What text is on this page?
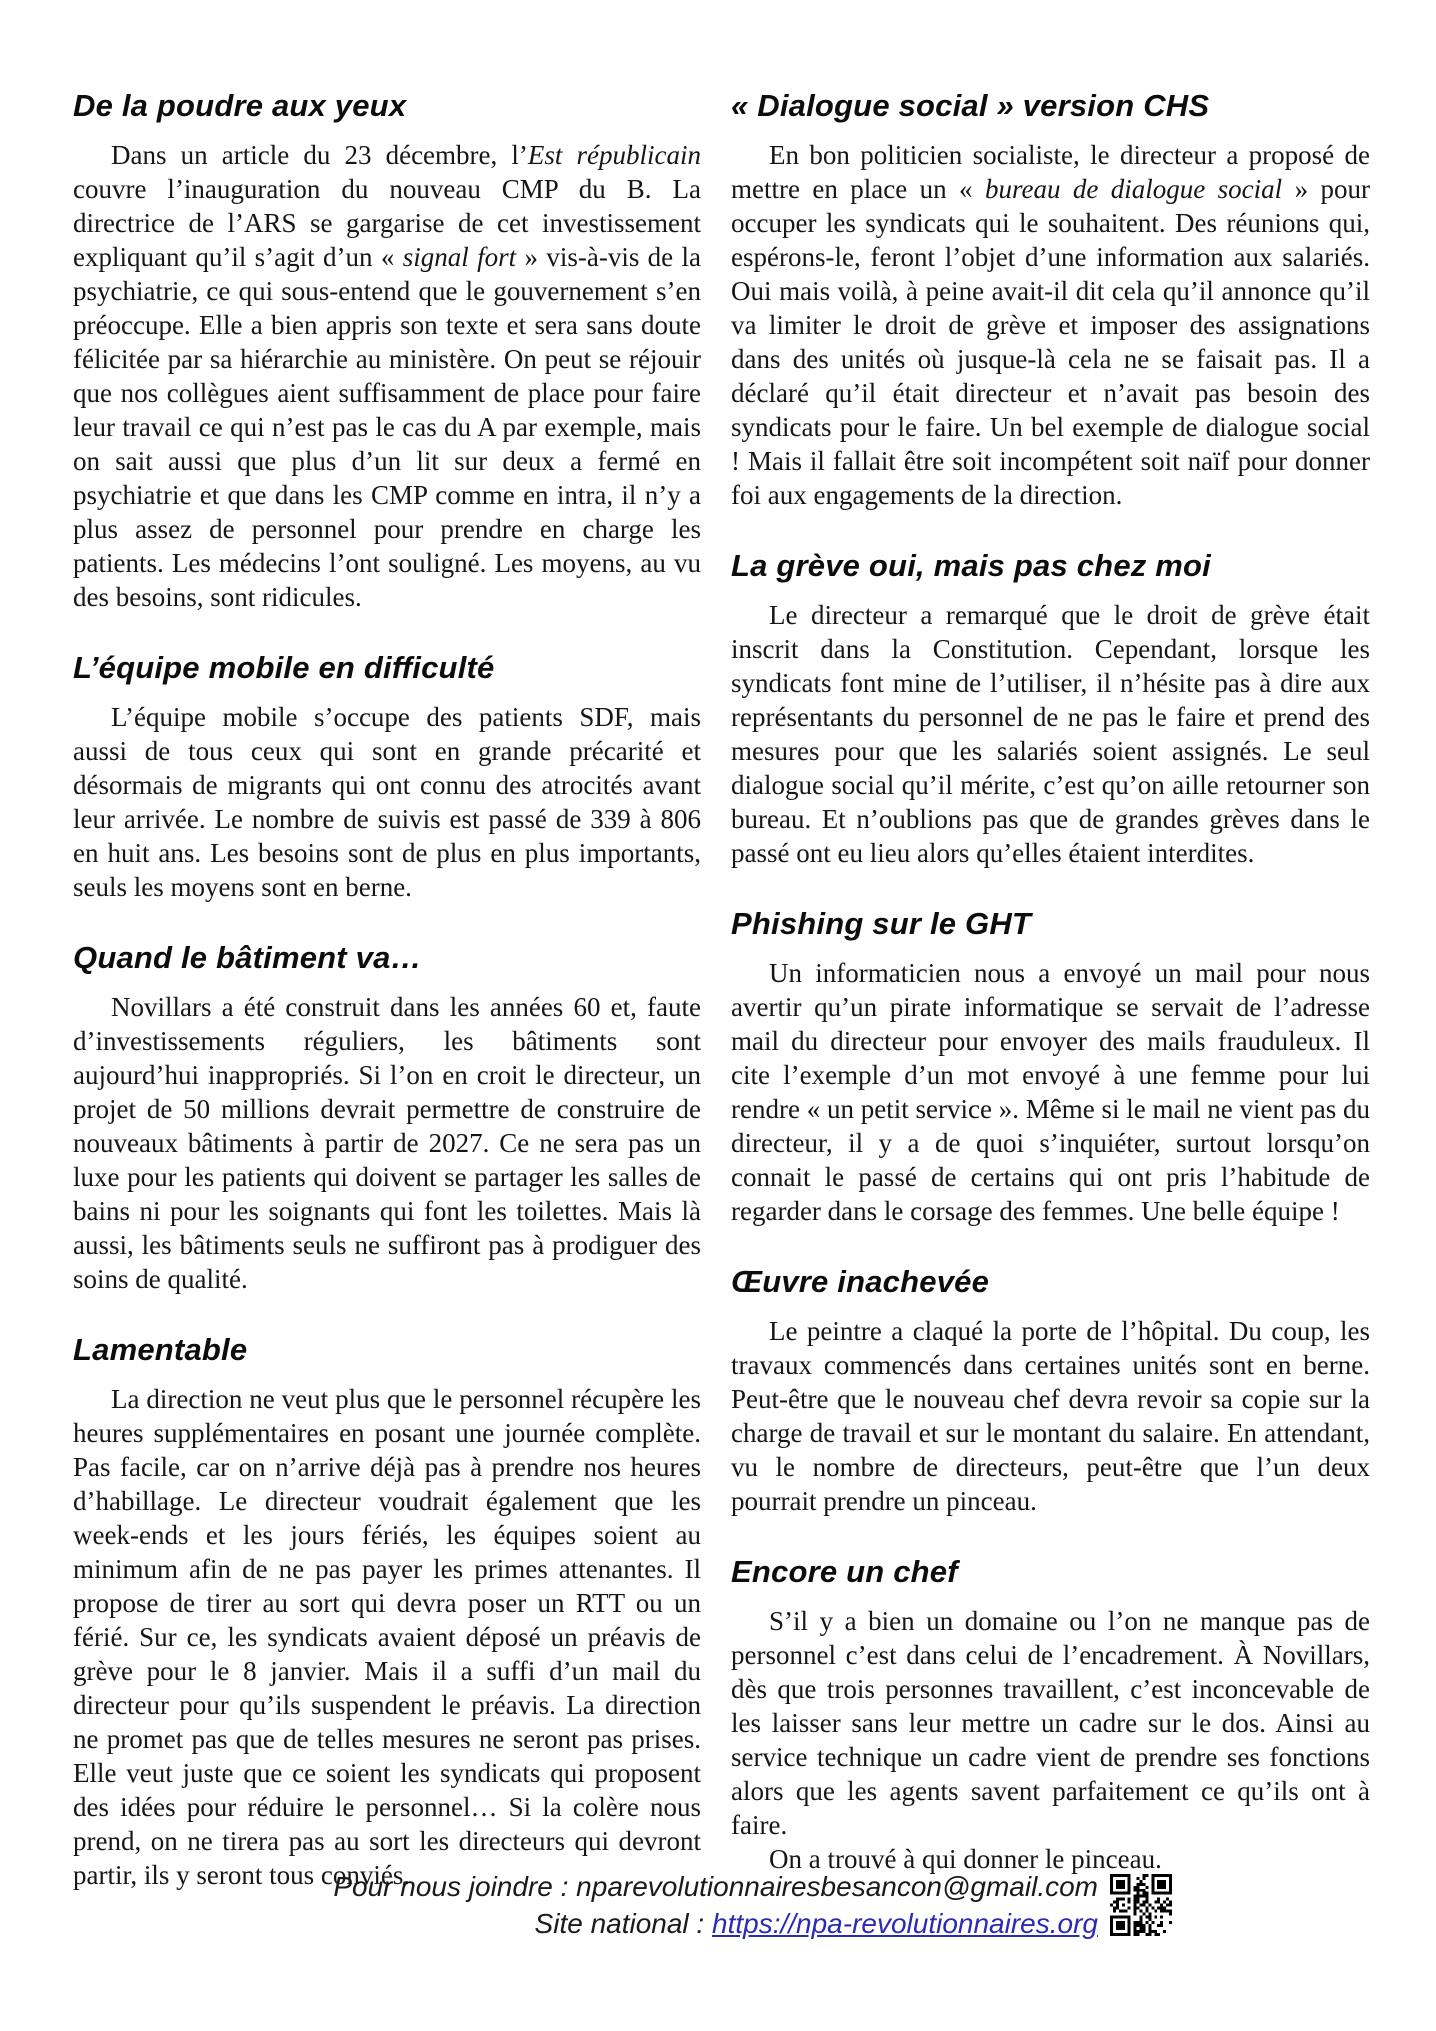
De la poudre aux yeux

Dans un article du 23 décembre, l’Est républicain couvre l’inauguration du nouveau CMP du B. La directrice de l’ARS se gargarise de cet investissement expliquant qu’il s’agit d’un « signal fort » vis-à-vis de la psychiatrie, ce qui sous-entend que le gouvernement s’en préoccupe. Elle a bien appris son texte et sera sans doute félicitée par sa hiérarchie au ministère. On peut se réjouir que nos collègues aient suffisamment de place pour faire leur travail ce qui n’est pas le cas du A par exemple, mais on sait aussi que plus d’un lit sur deux a fermé en psychiatrie et que dans les CMP comme en intra, il n’y a plus assez de personnel pour prendre en charge les patients. Les médecins l’ont souligné. Les moyens, au vu des besoins, sont ridicules.

L’équipe mobile en difficulté

L’équipe mobile s’occupe des patients SDF, mais aussi de tous ceux qui sont en grande précarité et désormais de migrants qui ont connu des atrocités avant leur arrivée. Le nombre de suivis est passé de 339 à 806 en huit ans. Les besoins sont de plus en plus importants, seuls les moyens sont en berne.

Quand le bâtiment va…

Novillars a été construit dans les années 60 et, faute d’investissements réguliers, les bâtiments sont aujourd’hui inappropriés. Si l’on en croit le directeur, un projet de 50 millions devrait permettre de construire de nouveaux bâtiments à partir de 2027. Ce ne sera pas un luxe pour les patients qui doivent se partager les salles de bains ni pour les soignants qui font les toilettes. Mais là aussi, les bâtiments seuls ne suffiront pas à prodiguer des soins de qualité.

Lamentable

La direction ne veut plus que le personnel récupère les heures supplémentaires en posant une journée complète. Pas facile, car on n’arrive déjà pas à prendre nos heures d’habillage. Le directeur voudrait également que les week-ends et les jours fériés, les équipes soient au minimum afin de ne pas payer les primes attenantes. Il propose de tirer au sort qui devra poser un RTT ou un férié. Sur ce, les syndicats avaient déposé un préavis de grève pour le 8 janvier. Mais il a suffi d’un mail du directeur pour qu’ils suspendent le préavis. La direction ne promet pas que de telles mesures ne seront pas prises. Elle veut juste que ce soient les syndicats qui proposent des idées pour réduire le personnel… Si la colère nous prend, on ne tirera pas au sort les directeurs qui devront partir, ils y seront tous conviés.

« Dialogue social » version CHS

En bon politicien socialiste, le directeur a proposé de mettre en place un « bureau de dialogue social » pour occuper les syndicats qui le souhaitent. Des réunions qui, espérons-le, feront l’objet d’une information aux salariés. Oui mais voilà, à peine avait-il dit cela qu’il annonce qu’il va limiter le droit de grève et imposer des assignations dans des unités où jusque-là cela ne se faisait pas. Il a déclaré qu’il était directeur et n’avait pas besoin des syndicats pour le faire. Un bel exemple de dialogue social ! Mais il fallait être soit incompétent soit naïf pour donner foi aux engagements de la direction.

La grève oui, mais pas chez moi

Le directeur a remarqué que le droit de grève était inscrit dans la Constitution. Cependant, lorsque les syndicats font mine de l’utiliser, il n’hésite pas à dire aux représentants du personnel de ne pas le faire et prend des mesures pour que les salariés soient assignés. Le seul dialogue social qu’il mérite, c’est qu’on aille retourner son bureau. Et n’oublions pas que de grandes grèves dans le passé ont eu lieu alors qu’elles étaient interdites.

Phishing sur le GHT

Un informaticien nous a envoyé un mail pour nous avertir qu’un pirate informatique se servait de l’adresse mail du directeur pour envoyer des mails frauduleux. Il cite l’exemple d’un mot envoyé à une femme pour lui rendre « un petit service ». Même si le mail ne vient pas du directeur, il y a de quoi s’inquiéter, surtout lorsqu’on connait le passé de certains qui ont pris l’habitude de regarder dans le corsage des femmes. Une belle équipe !

Œuvre inachevée

Le peintre a claqué la porte de l’hôpital. Du coup, les travaux commencés dans certaines unités sont en berne. Peut-être que le nouveau chef devra revoir sa copie sur la charge de travail et sur le montant du salaire. En attendant, vu le nombre de directeurs, peut-être que l’un deux pourrait prendre un pinceau.

Encore un chef

S’il y a bien un domaine ou l’on ne manque pas de personnel c’est dans celui de l’encadrement. À Novillars, dès que trois personnes travaillent, c’est inconcevable de les laisser sans leur mettre un cadre sur le dos. Ainsi au service technique un cadre vient de prendre ses fonctions alors que les agents savent parfaitement ce qu’ils ont à faire.

On a trouvé à qui donner le pinceau.

Pour nous joindre : nparevolutionnairesbesancon@gmail.com
Site national : https://npa-revolutionnaires.org
